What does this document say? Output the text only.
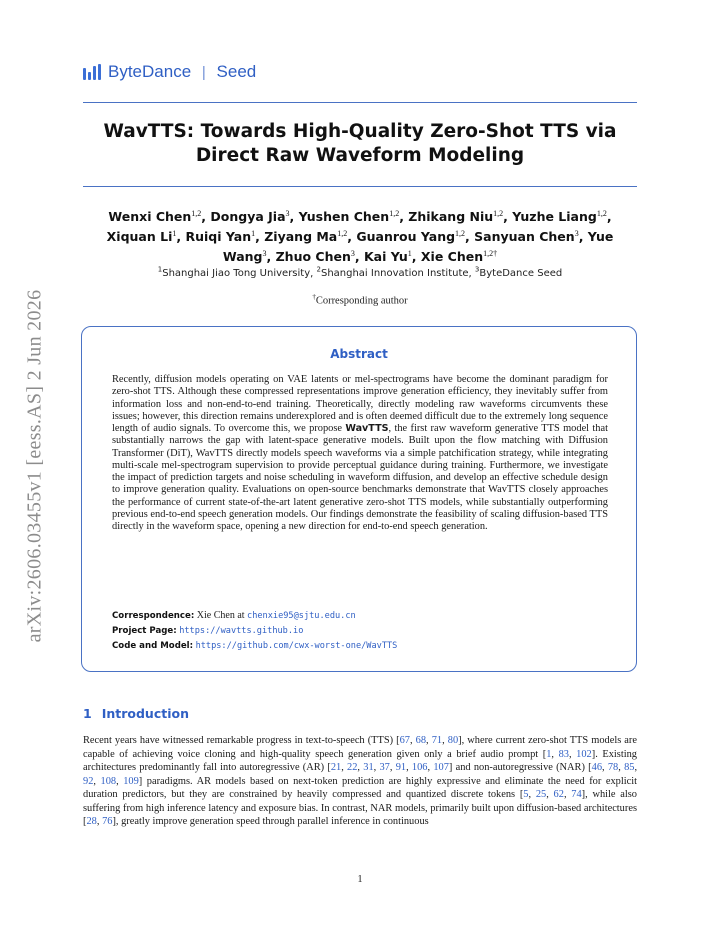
arXiv:2606.03455v1 [eess.AS] 2 Jun 2026
ByteDance | Seed
WavTTS: Towards High-Quality Zero-Shot TTS via Direct Raw Waveform Modeling
Wenxi Chen$^{1,2}$, Dongya Jia$^3$, Yushen Chen$^{1,2}$, Zhikang Niu$^{1,2}$, Yuzhe Liang$^{1,2}$, Xiquan Li$^1$, Ruiqi Yan$^1$, Ziyang Ma$^{1,2}$, Guanrou Yang$^{1,2}$, Sanyuan Chen$^3$, Yue Wang$^3$, Zhuo Chen$^3$, Kai Yu$^1$, Xie Chen$^{1,2\dagger}$
$^1$Shanghai Jiao Tong University, $^2$Shanghai Innovation Institute, $^3$ByteDance Seed
†Corresponding author
Abstract
Recently, diffusion models operating on VAE latents or mel-spectrograms have become the dominant paradigm for zero-shot TTS. Although these compressed representations improve generation efficiency, they inevitably suffer from information loss and non-end-to-end training. Theoretically, directly modeling raw waveforms circumvents these issues; however, this direction remains underexplored and is often deemed difficult due to the extremely long sequence length of audio signals. To overcome this, we propose WavTTS, the first raw waveform generative TTS model that substantially narrows the gap with latent-space generative models. Built upon the flow matching with Diffusion Transformer (DiT), WavTTS directly models speech waveforms via a simple patchification strategy, while integrating multi-scale mel-spectrogram supervision to provide perceptual guidance during training. Furthermore, we investigate the impact of prediction targets and noise scheduling in waveform diffusion, and develop an effective schedule design to improve generation quality. Evaluations on open-source benchmarks demonstrate that WavTTS closely approaches the performance of current state-of-the-art latent generative zero-shot TTS models, while substantially outperforming previous end-to-end speech generation models. Our findings demonstrate the feasibility of scaling diffusion-based TTS directly in the waveform space, opening a new direction for end-to-end speech generation.
Correspondence: Xie Chen at chenxie95@sjtu.edu.cn
Project Page: https://wavtts.github.io
Code and Model: https://github.com/cwx-worst-one/WavTTS
1 Introduction
Recent years have witnessed remarkable progress in text-to-speech (TTS) [67, 68, 71, 80], where current zero-shot TTS models are capable of achieving voice cloning and high-quality speech generation given only a brief audio prompt [1, 83, 102]. Existing architectures predominantly fall into autoregressive (AR) [21, 22, 31, 37, 91, 106, 107] and non-autoregressive (NAR) [46, 78, 85, 92, 108, 109] paradigms. AR models based on next-token prediction are highly expressive and eliminate the need for explicit duration predictors, but they are constrained by heavily compressed and quantized discrete tokens [5, 25, 62, 74], while also suffering from high inference latency and exposure bias. In contrast, NAR models, primarily built upon diffusion-based architectures [28, 76], greatly improve generation speed through parallel inference in continuous
1
